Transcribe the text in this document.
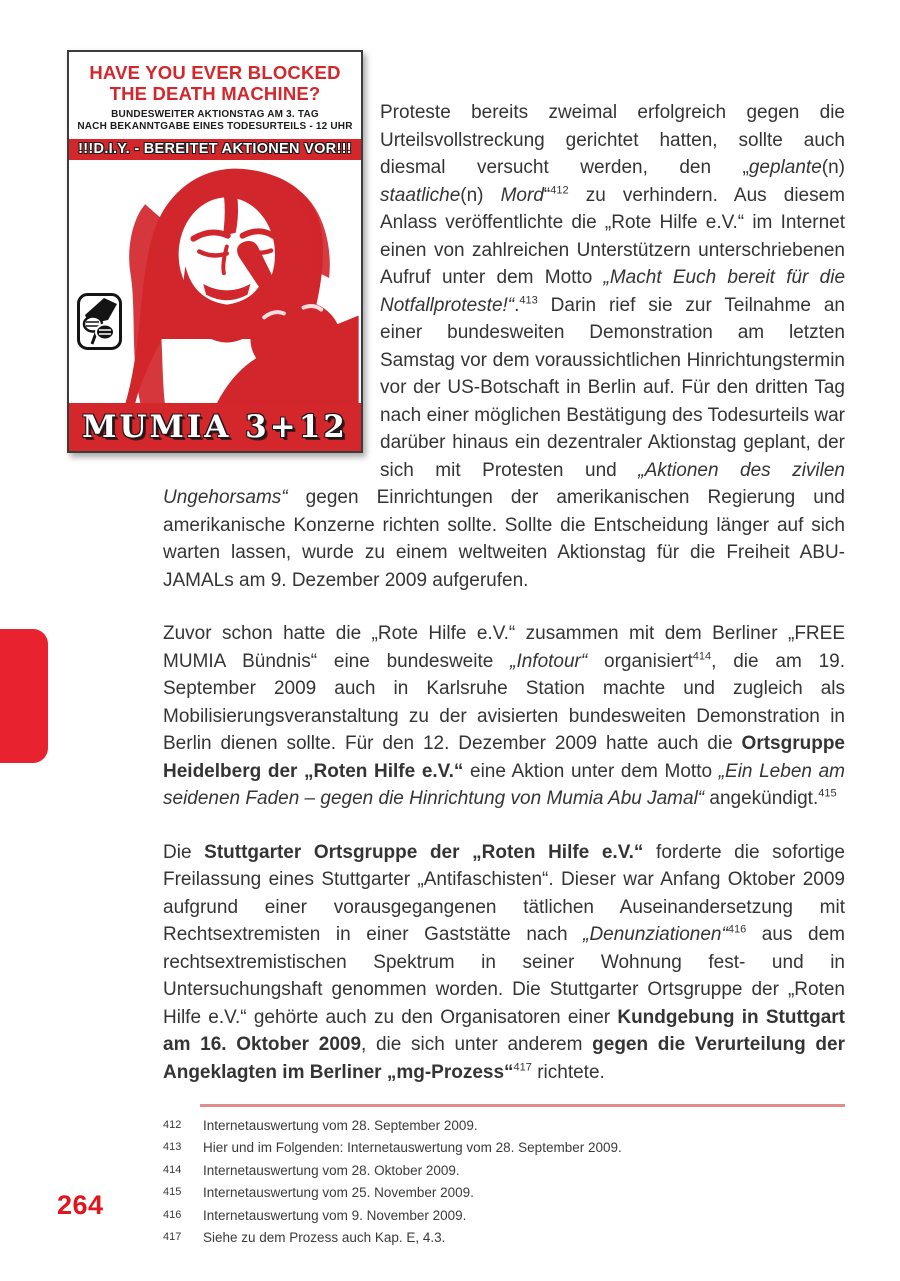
264
HAVE YOU EVER BLOCKED
THE DEATH MACHINE?
BUNDESWEITER AKTIONSTAG AM 3. TAG
NACH BEKANNTGABE EINES TODESURTEILS - 12 UHR
!!!D.I.Y. - BEREITET AKTIONEN VOR!!!
MUMIA 3+12

Proteste bereits zweimal erfolgreich gegen die Urteilsvollstreckung gerichtet hatten, sollte auch diesmal versucht werden, den „geplante(n) staatliche(n) Mord“$^{412}$ zu verhindern. Aus diesem Anlass veröffentlichte die „Rote Hilfe e.V.“ im Internet einen von zahlreichen Unterstützern unterschriebenen Aufruf unter dem Motto „Macht Euch bereit für die Notfallproteste!“.$^{413}$ Darin rief sie zur Teilnahme an einer bundesweiten Demonstration am letzten Samstag vor dem voraussichtlichen Hinrichtungstermin vor der US-Botschaft in Berlin auf. Für den dritten Tag nach einer möglichen Bestätigung des Todesurteils war darüber hinaus ein dezentraler Aktionstag geplant, der sich mit Protesten und „Aktionen des zivilen Ungehorsams“ gegen Einrichtungen der amerikanischen Regierung und amerikanische Konzerne richten sollte. Sollte die Entscheidung länger auf sich warten lassen, wurde zu einem weltweiten Aktionstag für die Freiheit ABU-JAMALs am 9. Dezember 2009 aufgerufen.

Zuvor schon hatte die „Rote Hilfe e.V.“ zusammen mit dem Berliner „FREE MUMIA Bündnis“ eine bundesweite „Infotour“ organisiert$^{414}$, die am 19. September 2009 auch in Karlsruhe Station machte und zugleich als Mobilisierungsveranstaltung zu der avisierten bundesweiten Demonstration in Berlin dienen sollte. Für den 12. Dezember 2009 hatte auch die Ortsgruppe Heidelberg der „Roten Hilfe e.V.“ eine Aktion unter dem Motto „Ein Leben am seidenen Faden – gegen die Hinrichtung von Mumia Abu Jamal“ angekündigt.$^{415}$

Die Stuttgarter Ortsgruppe der „Roten Hilfe e.V.“ forderte die sofortige Freilassung eines Stuttgarter „Antifaschisten“. Dieser war Anfang Oktober 2009 aufgrund einer vorausgegangenen tätlichen Auseinandersetzung mit Rechtsextremisten in einer Gaststätte nach „Denunziationen“$^{416}$ aus dem rechtsextremistischen Spektrum in seiner Wohnung fest- und in Untersuchungshaft genommen worden. Die Stuttgarter Ortsgruppe der „Roten Hilfe e.V.“ gehörte auch zu den Organisatoren einer Kundgebung in Stuttgart am 16. Oktober 2009, die sich unter anderem gegen die Verurteilung der Angeklagten im Berliner „mg-Prozess“$^{417}$ richtete.

412	Internetauswertung vom 28. September 2009.
413	Hier und im Folgenden: Internetauswertung vom 28. September 2009.
414	Internetauswertung vom 28. Oktober 2009.
415	Internetauswertung vom 25. November 2009.
416	Internetauswertung vom 9. November 2009.
417	Siehe zu dem Prozess auch Kap. E, 4.3.
